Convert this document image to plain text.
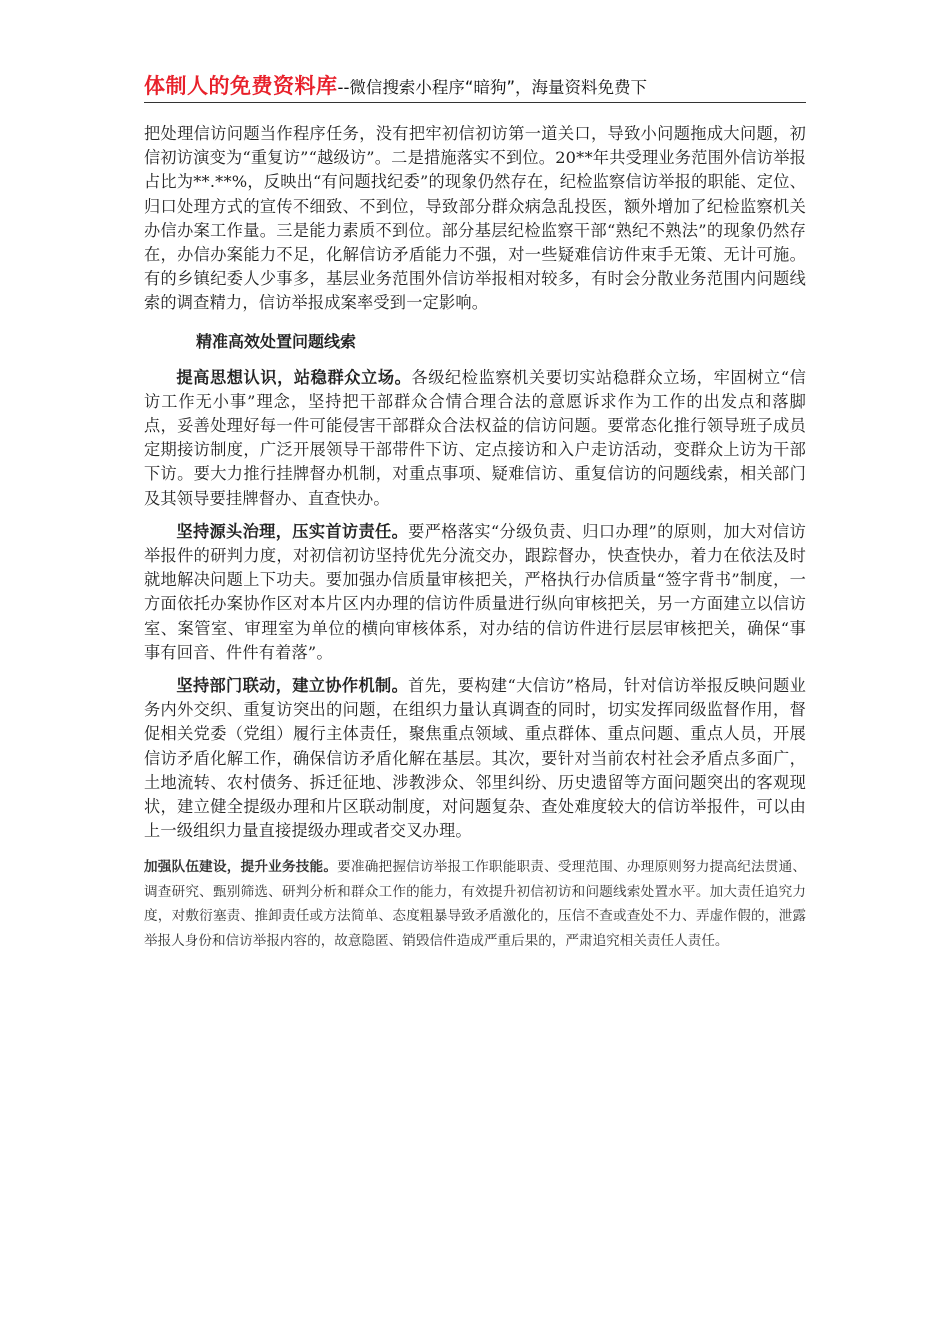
体制人的免费资料库--微信搜索小程序“暗狗”，海量资料免费下

把处理信访问题当作程序任务，没有把牢初信初访第一道关口，导致小问题拖成大问题，初信初访演变为“重复访”“越级访”。二是措施落实不到位。20**年共受理业务范围外信访举报占比为**.**%，反映出“有问题找纪委”的现象仍然存在，纪检监察信访举报的职能、定位、归口处理方式的宣传不细致、不到位，导致部分群众病急乱投医，额外增加了纪检监察机关办信办案工作量。三是能力素质不到位。部分基层纪检监察干部“熟纪不熟法”的现象仍然存在，办信办案能力不足，化解信访矛盾能力不强，对一些疑难信访件束手无策、无计可施。有的乡镇纪委人少事多，基层业务范围外信访举报相对较多，有时会分散业务范围内问题线索的调查精力，信访举报成案率受到一定影响。

精准高效处置问题线索

提高思想认识，站稳群众立场。各级纪检监察机关要切实站稳群众立场，牢固树立“信访工作无小事”理念，坚持把干部群众合情合理合法的意愿诉求作为工作的出发点和落脚点，妥善处理好每一件可能侵害干部群众合法权益的信访问题。要常态化推行领导班子成员定期接访制度，广泛开展领导干部带件下访、定点接访和入户走访活动，变群众上访为干部下访。要大力推行挂牌督办机制，对重点事项、疑难信访、重复信访的问题线索，相关部门及其领导要挂牌督办、直查快办。

坚持源头治理，压实首访责任。要严格落实“分级负责、归口办理”的原则，加大对信访举报件的研判力度，对初信初访坚持优先分流交办，跟踪督办，快查快办，着力在依法及时就地解决问题上下功夫。要加强办信质量审核把关，严格执行办信质量“签字背书”制度，一方面依托办案协作区对本片区内办理的信访件质量进行纵向审核把关，另一方面建立以信访室、案管室、审理室为单位的横向审核体系，对办结的信访件进行层层审核把关，确保“事事有回音、件件有着落”。

坚持部门联动，建立协作机制。首先，要构建“大信访”格局，针对信访举报反映问题业务内外交织、重复访突出的问题，在组织力量认真调查的同时，切实发挥同级监督作用，督促相关党委（党组）履行主体责任，聚焦重点领域、重点群体、重点问题、重点人员，开展信访矛盾化解工作，确保信访矛盾化解在基层。其次，要针对当前农村社会矛盾点多面广，土地流转、农村债务、拆迁征地、涉教涉众、邻里纠纷、历史遗留等方面问题突出的客观现状，建立健全提级办理和片区联动制度，对问题复杂、查处难度较大的信访举报件，可以由上一级组织力量直接提级办理或者交叉办理。

加强队伍建设，提升业务技能。要准确把握信访举报工作职能职责、受理范围、办理原则努力提高纪法贯通、调查研究、甄别筛选、研判分析和群众工作的能力，有效提升初信初访和问题线索处置水平。加大责任追究力度，对敷衍塞责、推卸责任或方法简单、态度粗暴导致矛盾激化的，压信不查或查处不力、弄虚作假的，泄露举报人身份和信访举报内容的，故意隐匿、销毁信件造成严重后果的，严肃追究相关责任人责任。
